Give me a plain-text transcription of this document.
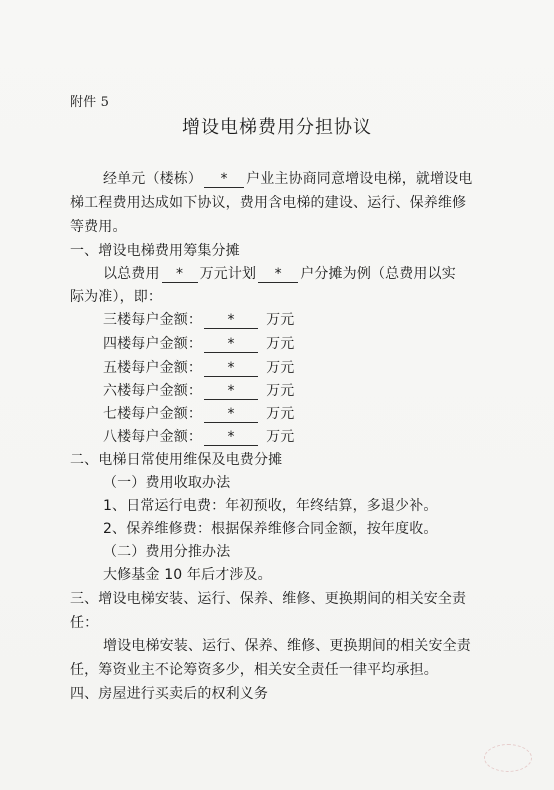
附件 5
增设电梯费用分担协议
经单元（楼栋） * 户业主协商同意增设电梯，就增设电
梯工程费用达成如下协议，费用含电梯的建设、运行、保养维修
等费用。
一、增设电梯费用筹集分摊
以总费用 * 万元计划 * 户分摊为例（总费用以实
际为准），即：
三楼每户金额： * 万元
四楼每户金额： * 万元
五楼每户金额： * 万元
六楼每户金额： * 万元
七楼每户金额： * 万元
八楼每户金额： * 万元
二、电梯日常使用维保及电费分摊
（一）费用收取办法
1、日常运行电费：年初预收，年终结算，多退少补。
2、保养维修费：根据保养维修合同金额，按年度收。
（二）费用分推办法
大修基金 10 年后才涉及。
三、增设电梯安装、运行、保养、维修、更换期间的相关安全责
任：
增设电梯安装、运行、保养、维修、更换期间的相关安全责
任，筹资业主不论筹资多少，相关安全责任一律平均承担。
四、房屋进行买卖后的权利义务
